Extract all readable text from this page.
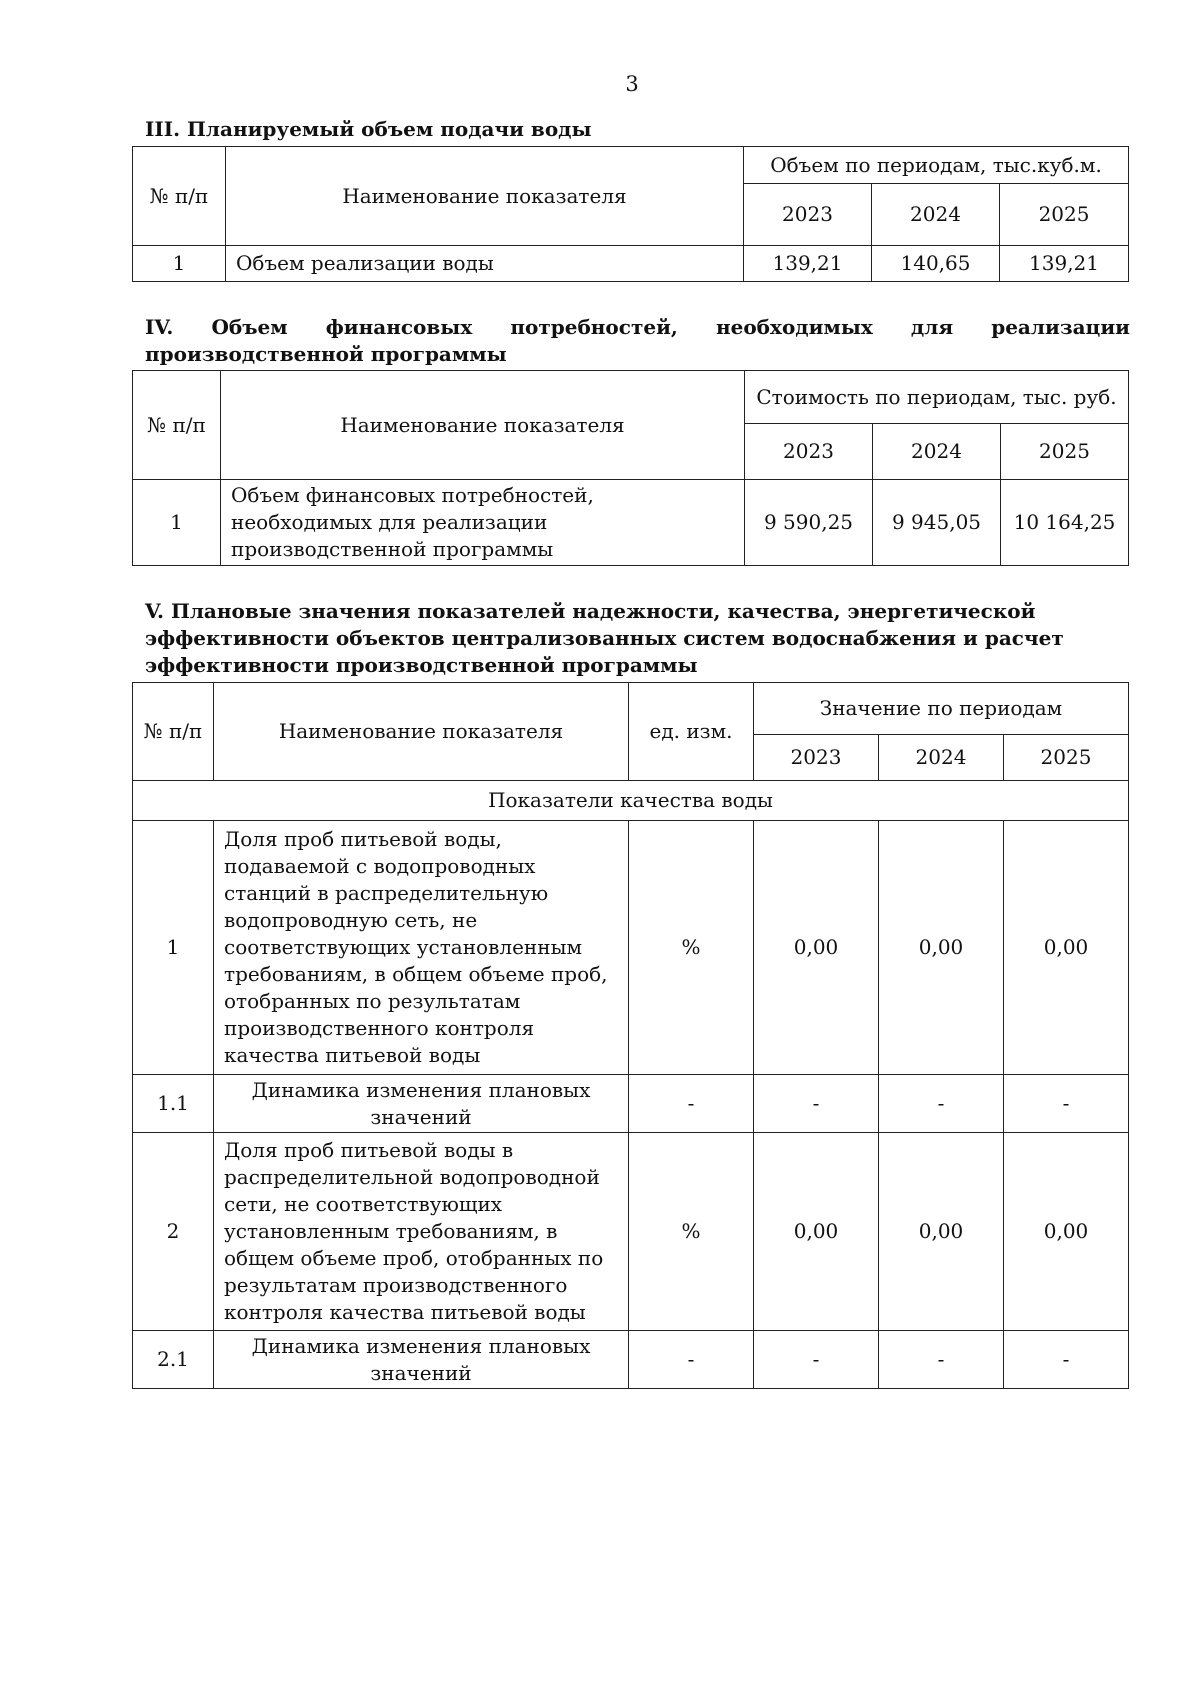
3
III. Планируемый объем подачи воды
№ п/п	Наименование показателя	Объем по периодам, тыс.куб.м.		
		2023	2024	2025
1	Объем реализации воды	139,21	140,65	139,21
IV. Объем финансовых потребностей, необходимых для реализации производственной программы
№ п/п	Наименование показателя	Стоимость по периодам, тыс. руб.		
		2023	2024	2025
1	Объем финансовых потребностей, необходимых для реализации производственной программы	9 590,25	9 945,05	10 164,25
V. Плановые значения показателей надежности, качества, энергетической эффективности объектов централизованных систем водоснабжения и расчет эффективности производственной программы
№ п/п	Наименование показателя	ед. изм.	Значение по периодам		
			2023	2024	2025
Показатели качества воды					
1	Доля проб питьевой воды, подаваемой с водопроводных станций в распределительную водопроводную сеть, не соответствующих установленным требованиям, в общем объеме проб, отобранных по результатам производственного контроля качества питьевой воды	%	0,00	0,00	0,00
1.1	Динамика изменения плановых значений	-	-	-	-
2	Доля проб питьевой воды в распределительной водопроводной сети, не соответствующих установленным требованиям, в общем объеме проб, отобранных по результатам производственного контроля качества питьевой воды	%	0,00	0,00	0,00
2.1	Динамика изменения плановых значений	-	-	-	-
